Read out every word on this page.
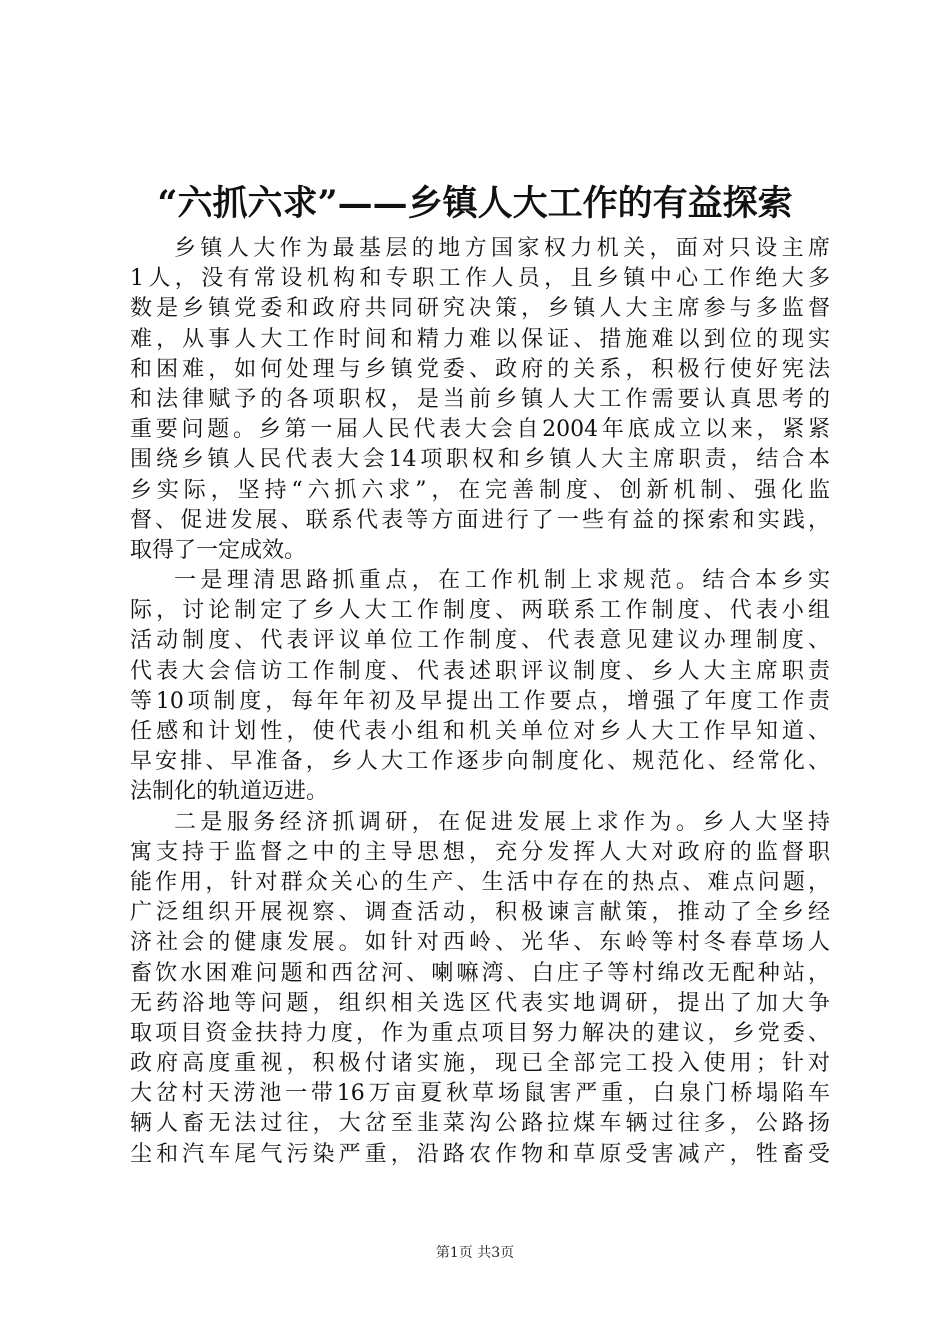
“六抓六求”——乡镇人大工作的有益探索
乡镇人大作为最基层的地方国家权力机关，面对只设主席
1人，没有常设机构和专职工作人员，且乡镇中心工作绝大多
数是乡镇党委和政府共同研究决策，乡镇人大主席参与多监督
难，从事人大工作时间和精力难以保证、措施难以到位的现实
和困难，如何处理与乡镇党委、政府的关系，积极行使好宪法
和法律赋予的各项职权，是当前乡镇人大工作需要认真思考的
重要问题。乡第一届人民代表大会自2004年底成立以来，紧紧
围绕乡镇人民代表大会14项职权和乡镇人大主席职责，结合本
乡实际，坚持“六抓六求”，在完善制度、创新机制、强化监
督、促进发展、联系代表等方面进行了一些有益的探索和实践，
取得了一定成效。
一是理清思路抓重点，在工作机制上求规范。结合本乡实
际，讨论制定了乡人大工作制度、两联系工作制度、代表小组
活动制度、代表评议单位工作制度、代表意见建议办理制度、
代表大会信访工作制度、代表述职评议制度、乡人大主席职责
等10项制度，每年年初及早提出工作要点，增强了年度工作责
任感和计划性，使代表小组和机关单位对乡人大工作早知道、
早安排、早准备，乡人大工作逐步向制度化、规范化、经常化、
法制化的轨道迈进。
二是服务经济抓调研，在促进发展上求作为。乡人大坚持
寓支持于监督之中的主导思想，充分发挥人大对政府的监督职
能作用，针对群众关心的生产、生活中存在的热点、难点问题，
广泛组织开展视察、调查活动，积极谏言献策，推动了全乡经
济社会的健康发展。如针对西岭、光华、东岭等村冬春草场人
畜饮水困难问题和西岔河、喇嘛湾、白庄子等村绵改无配种站，
无药浴地等问题，组织相关选区代表实地调研，提出了加大争
取项目资金扶持力度，作为重点项目努力解决的建议，乡党委、
政府高度重视，积极付诸实施，现已全部完工投入使用；针对
大岔村天涝池一带16万亩夏秋草场鼠害严重，白泉门桥塌陷车
辆人畜无法过往，大岔至韭菜沟公路拉煤车辆过往多，公路扬
尘和汽车尾气污染严重，沿路农作物和草原受害减产，牲畜受
第1页 共3页
